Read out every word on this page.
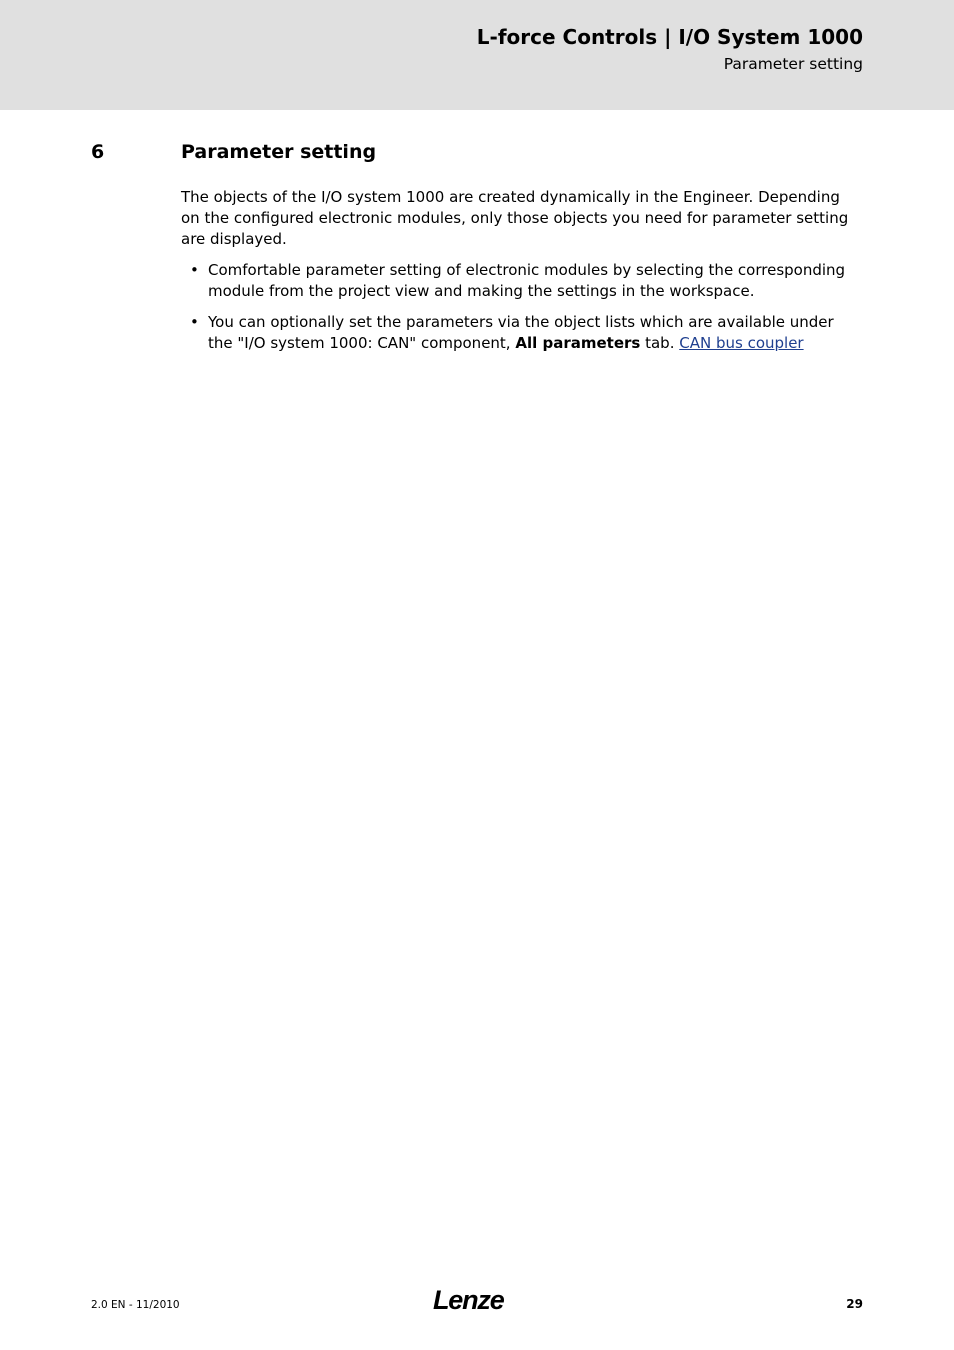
L-force Controls | I/O System 1000
Parameter setting
6	Parameter setting

The objects of the I/O system 1000 are created dynamically in the Engineer. Depending on the configured electronic modules, only those objects you need for parameter setting are displayed.

• Comfortable parameter setting of electronic modules by selecting the corresponding module from the project view and making the settings in the workspace.
• You can optionally set the parameters via the object lists which are available under the "I/O system 1000: CAN" component, All parameters tab. CAN bus coupler
2.0 EN - 11/2010	Lenze	29
